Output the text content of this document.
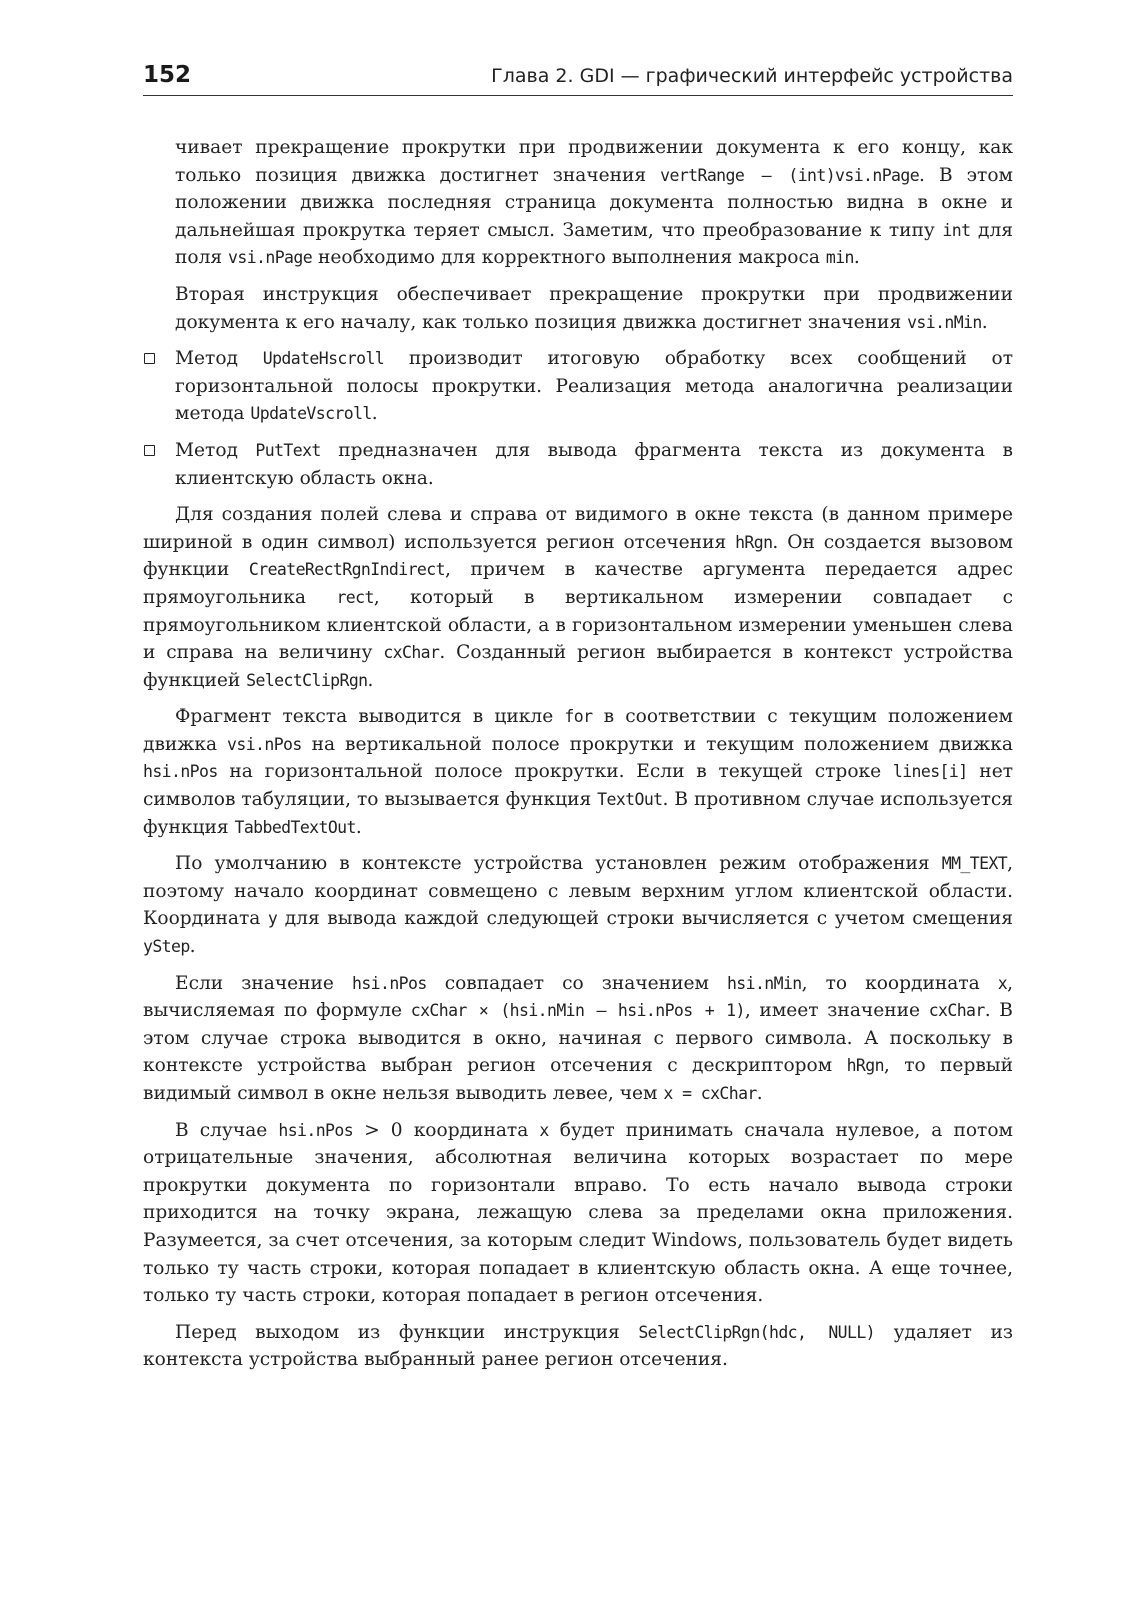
152	Глава 2. GDI — графический интерфейс устройства

чивает прекращение прокрутки при продвижении документа к его концу, как только позиция движка достигнет значения vertRange – (int)vsi.nPage. В этом положении движка последняя страница документа полностью видна в окне и дальнейшая прокрутка теряет смысл. Заметим, что преобразование к типу int для поля vsi.nPage необходимо для корректного выполнения макроса min.

Вторая инструкция обеспечивает прекращение прокрутки при продвижении документа к его началу, как только позиция движка достигнет значения vsi.nMin.

Метод UpdateHscroll производит итоговую обработку всех сообщений от горизонтальной полосы прокрутки. Реализация метода аналогична реализации метода UpdateVscroll.
Метод PutText предназначен для вывода фрагмента текста из документа в клиентскую область окна.

Для создания полей слева и справа от видимого в окне текста (в данном примере шириной в один символ) используется регион отсечения hRgn. Он создается вызовом функции CreateRectRgnIndirect, причем в качестве аргумента передается адрес прямоугольника rect, который в вертикальном измерении совпадает с прямоугольником клиентской области, а в горизонтальном измерении уменьшен слева и справа на величину cxChar. Созданный регион выбирается в контекст устройства функцией SelectClipRgn.

Фрагмент текста выводится в цикле for в соответствии с текущим положением движка vsi.nPos на вертикальной полосе прокрутки и текущим положением движка hsi.nPos на горизонтальной полосе прокрутки. Если в текущей строке lines[i] нет символов табуляции, то вызывается функция TextOut. В противном случае используется функция TabbedTextOut.

По умолчанию в контексте устройства установлен режим отображения MM_TEXT, поэтому начало координат совмещено с левым верхним углом клиентской области. Координата y для вывода каждой следующей строки вычисляется с учетом смещения yStep.

Если значение hsi.nPos совпадает со значением hsi.nMin, то координата x, вычисляемая по формуле cxChar × (hsi.nMin – hsi.nPos + 1), имеет значение cxChar. В этом случае строка выводится в окно, начиная с первого символа. А поскольку в контексте устройства выбран регион отсечения с дескриптором hRgn, то первый видимый символ в окне нельзя выводить левее, чем x = cxChar.

В случае hsi.nPos > 0 координата x будет принимать сначала нулевое, а потом отрицательные значения, абсолютная величина которых возрастает по мере прокрутки документа по горизонтали вправо. То есть начало вывода строки приходится на точку экрана, лежащую слева за пределами окна приложения. Разумеется, за счет отсечения, за которым следит Windows, пользователь будет видеть только ту часть строки, которая попадает в клиентскую область окна. А еще точнее, только ту часть строки, которая попадает в регион отсечения.

Перед выходом из функции инструкция SelectClipRgn(hdc, NULL) удаляет из контекста устройства выбранный ранее регион отсечения.
